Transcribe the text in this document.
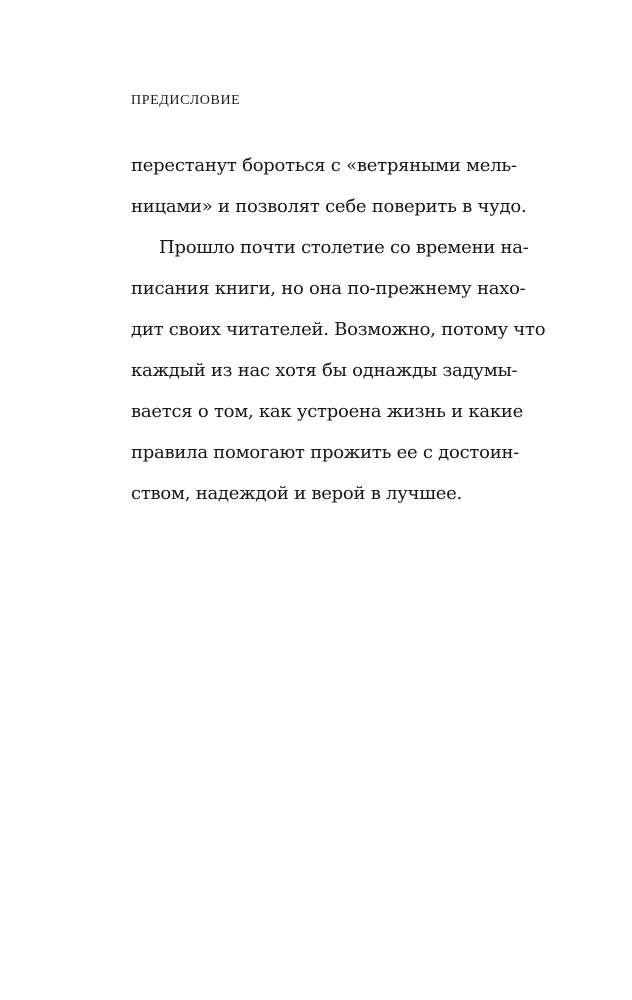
ПРЕДИСЛОВИЕ
перестанут бороться с «ветряными мель-
ницами» и позволят себе поверить в чудо.
Прошло почти столетие со времени на-
писания книги, но она по-прежнему нахо-
дит своих читателей. Возможно, потому что
каждый из нас хотя бы однажды задумы-
вается о том, как устроена жизнь и какие
правила помогают прожить ее с достоин-
ством, надеждой и верой в лучшее.
